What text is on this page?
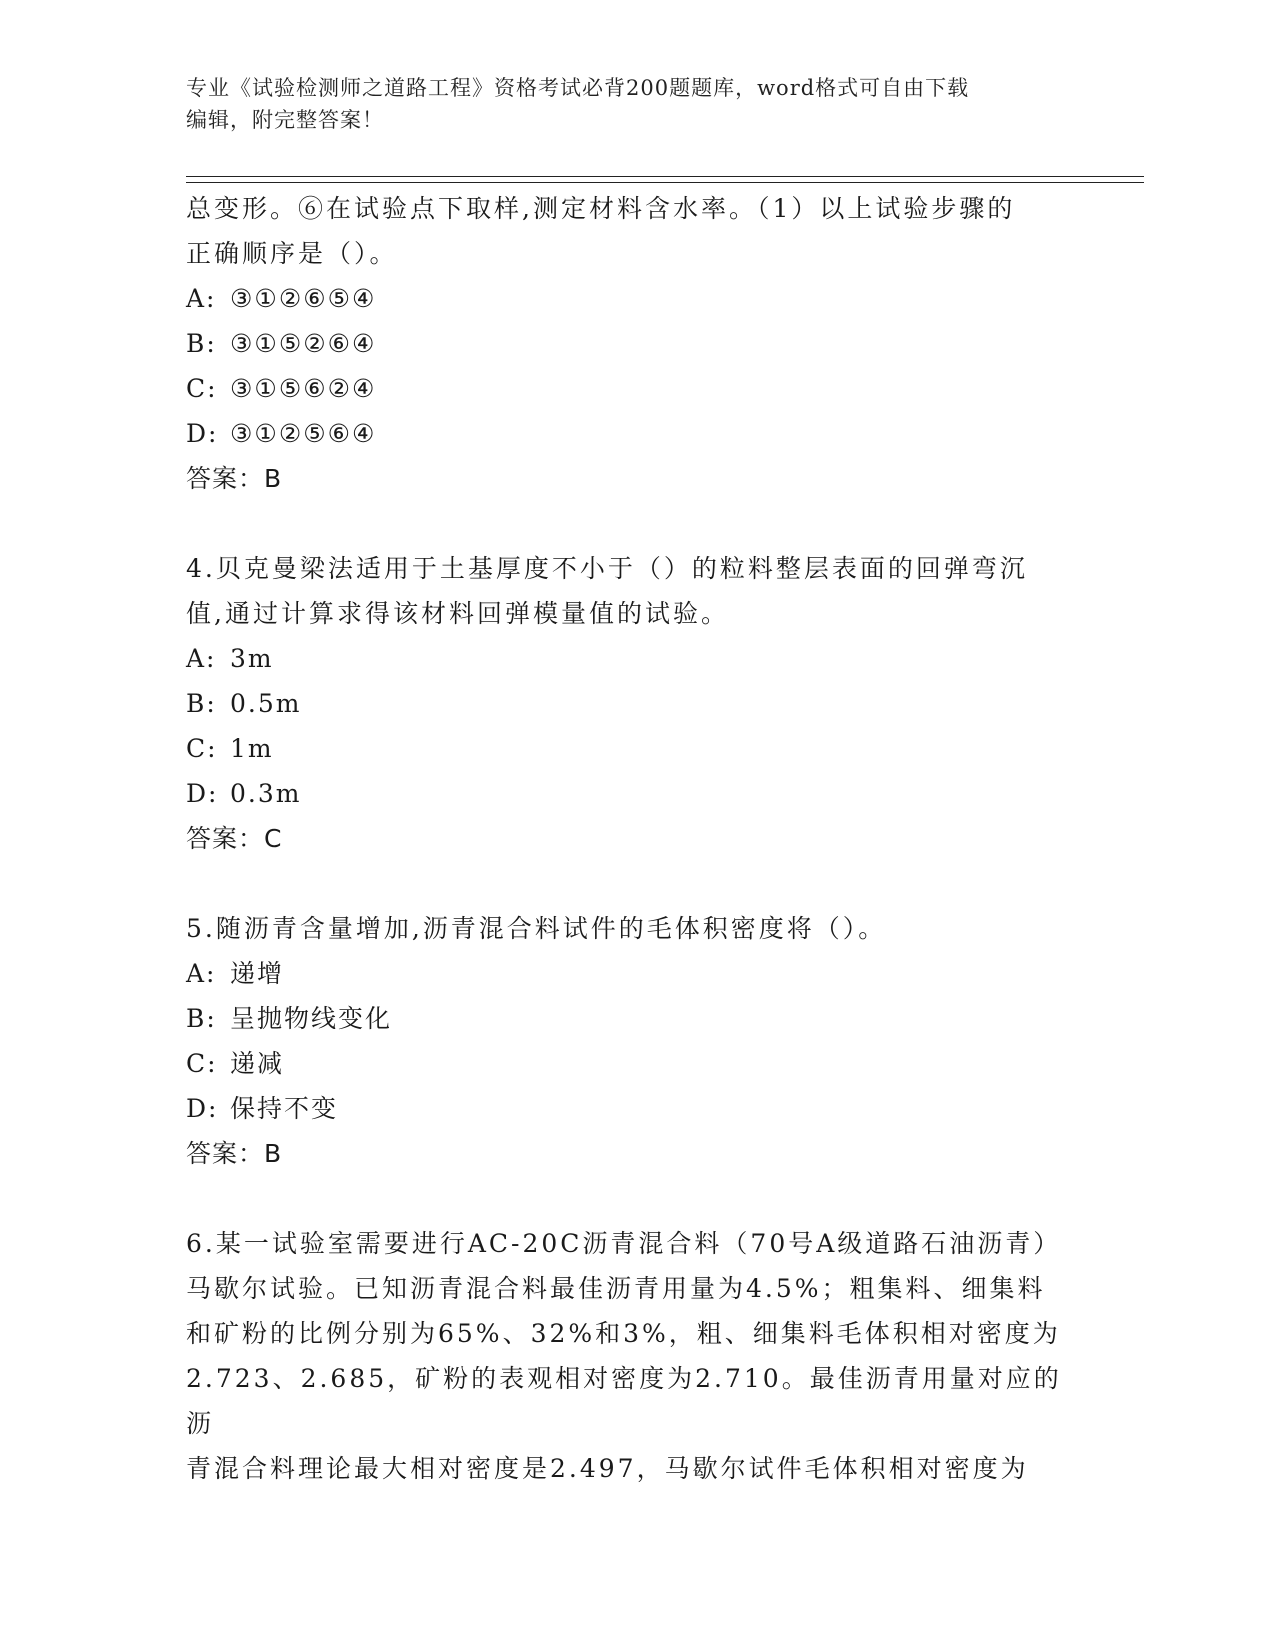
专业《试验检测师之道路工程》资格考试必背200题题库，word格式可自由下载
编辑，附完整答案！
总变形。⑥在试验点下取样,测定材料含水率。（1）以上试验步骤的
正确顺序是（）。
A: ③①②⑥⑤④
B: ③①⑤②⑥④
C: ③①⑤⑥②④
D: ③①②⑤⑥④
答案：B
4.贝克曼梁法适用于土基厚度不小于（）的粒料整层表面的回弹弯沉
值,通过计算求得该材料回弹模量值的试验。
A: 3m
B: 0.5m
C: 1m
D: 0.3m
答案：C
5.随沥青含量增加,沥青混合料试件的毛体积密度将（）。
A: 递增
B: 呈抛物线变化
C: 递减
D: 保持不变
答案：B
6.某一试验室需要进行AC-20C沥青混合料（70号A级道路石油沥青）
马歇尔试验。已知沥青混合料最佳沥青用量为4.5%；粗集料、细集料
和矿粉的比例分别为65%、32%和3%，粗、细集料毛体积相对密度为
2.723、2.685，矿粉的表观相对密度为2.710。最佳沥青用量对应的沥
青混合料理论最大相对密度是2.497，马歇尔试件毛体积相对密度为
